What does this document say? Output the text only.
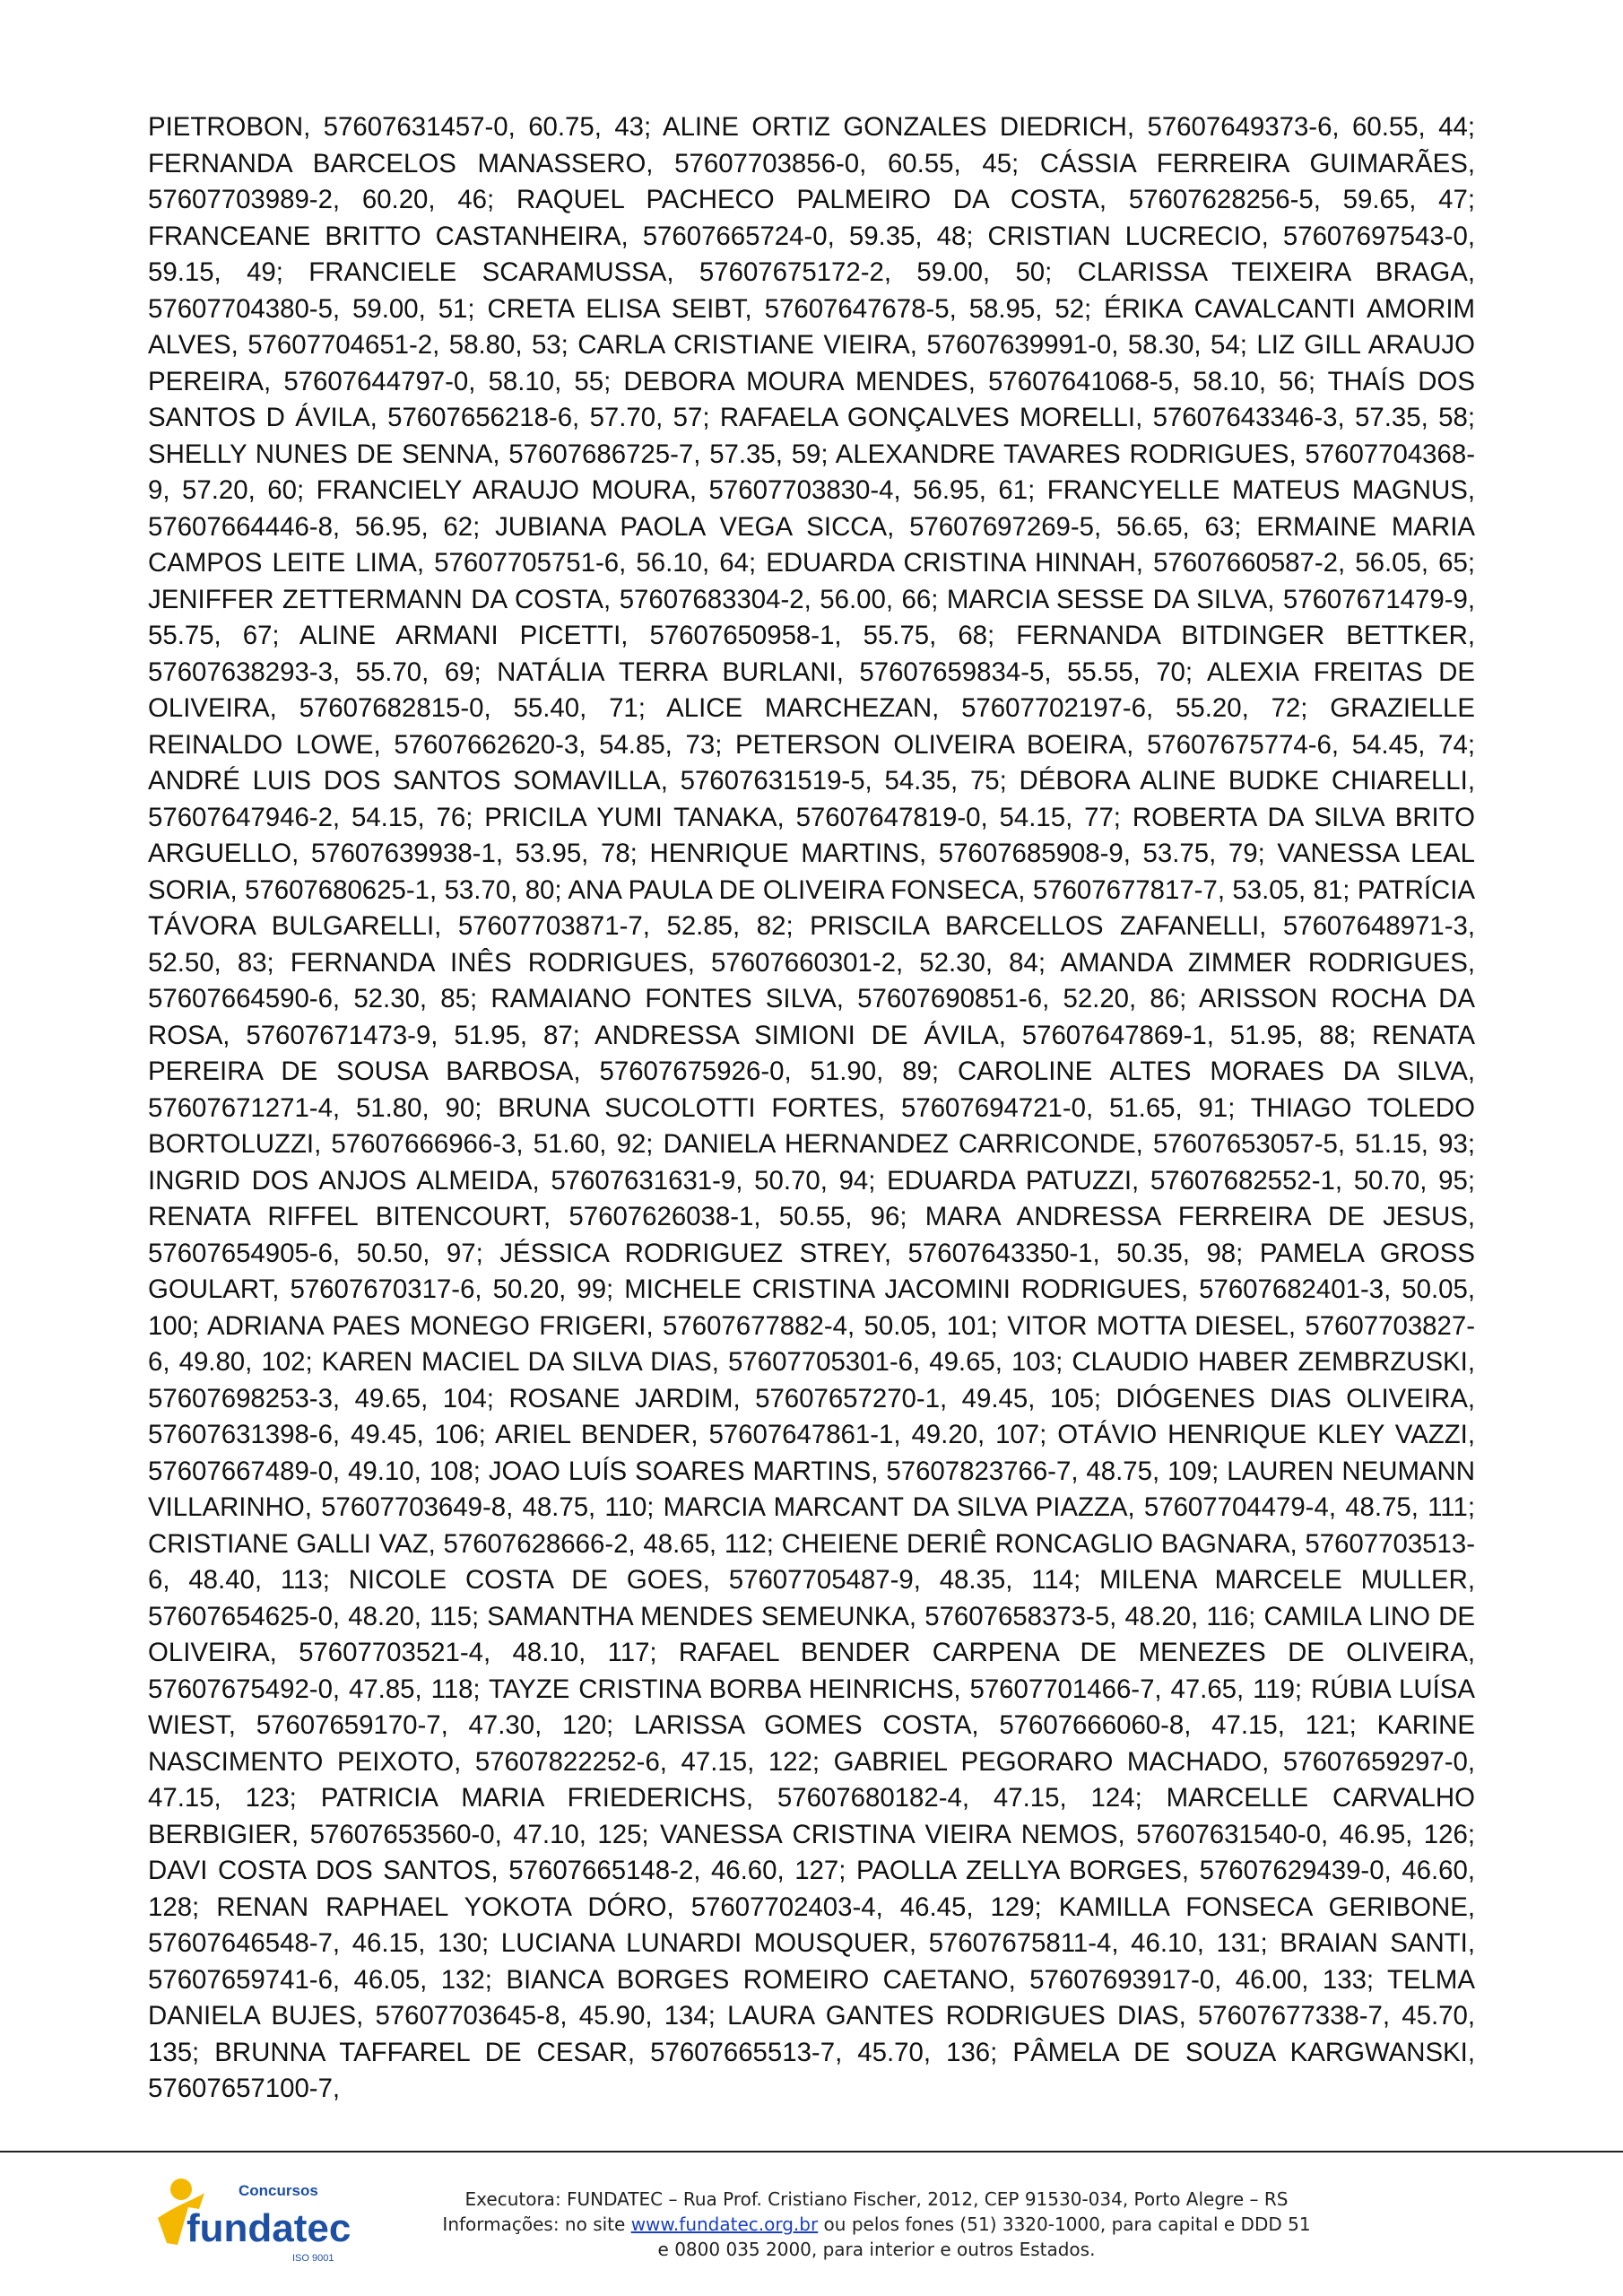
PIETROBON, 57607631457-0, 60.75, 43; ALINE ORTIZ GONZALES DIEDRICH, 57607649373-6, 60.55, 44; FERNANDA BARCELOS MANASSERO, 57607703856-0, 60.55, 45; CÁSSIA FERREIRA GUIMARÃES, 57607703989-2, 60.20, 46; RAQUEL PACHECO PALMEIRO DA COSTA, 57607628256-5, 59.65, 47; FRANCEANE BRITTO CASTANHEIRA, 57607665724-0, 59.35, 48; CRISTIAN LUCRECIO, 57607697543-0, 59.15, 49; FRANCIELE SCARAMUSSA, 57607675172-2, 59.00, 50; CLARISSA TEIXEIRA BRAGA, 57607704380-5, 59.00, 51; CRETA ELISA SEIBT, 57607647678-5, 58.95, 52; ÉRIKA CAVALCANTI AMORIM ALVES, 57607704651-2, 58.80, 53; CARLA CRISTIANE VIEIRA, 57607639991-0, 58.30, 54; LIZ GILL ARAUJO PEREIRA, 57607644797-0, 58.10, 55; DEBORA MOURA MENDES, 57607641068-5, 58.10, 56; THAÍS DOS SANTOS D ÁVILA, 57607656218-6, 57.70, 57; RAFAELA GONÇALVES MORELLI, 57607643346-3, 57.35, 58; SHELLY NUNES DE SENNA, 57607686725-7, 57.35, 59; ALEXANDRE TAVARES RODRIGUES, 57607704368-9, 57.20, 60; FRANCIELY ARAUJO MOURA, 57607703830-4, 56.95, 61; FRANCYELLE MATEUS MAGNUS, 57607664446-8, 56.95, 62; JUBIANA PAOLA VEGA SICCA, 57607697269-5, 56.65, 63; ERMAINE MARIA CAMPOS LEITE LIMA, 57607705751-6, 56.10, 64; EDUARDA CRISTINA HINNAH, 57607660587-2, 56.05, 65; JENIFFER ZETTERMANN DA COSTA, 57607683304-2, 56.00, 66; MARCIA SESSE DA SILVA, 57607671479-9, 55.75, 67; ALINE ARMANI PICETTI, 57607650958-1, 55.75, 68; FERNANDA BITDINGER BETTKER, 57607638293-3, 55.70, 69; NATÁLIA TERRA BURLANI, 57607659834-5, 55.55, 70; ALEXIA FREITAS DE OLIVEIRA, 57607682815-0, 55.40, 71; ALICE MARCHEZAN, 57607702197-6, 55.20, 72; GRAZIELLE REINALDO LOWE, 57607662620-3, 54.85, 73; PETERSON OLIVEIRA BOEIRA, 57607675774-6, 54.45, 74; ANDRÉ LUIS DOS SANTOS SOMAVILLA, 57607631519-5, 54.35, 75; DÉBORA ALINE BUDKE CHIARELLI, 57607647946-2, 54.15, 76; PRICILA YUMI TANAKA, 57607647819-0, 54.15, 77; ROBERTA DA SILVA BRITO ARGUELLO, 57607639938-1, 53.95, 78; HENRIQUE MARTINS, 57607685908-9, 53.75, 79; VANESSA LEAL SORIA, 57607680625-1, 53.70, 80; ANA PAULA DE OLIVEIRA FONSECA, 57607677817-7, 53.05, 81; PATRÍCIA TÁVORA BULGARELLI, 57607703871-7, 52.85, 82; PRISCILA BARCELLOS ZAFANELLI, 57607648971-3, 52.50, 83; FERNANDA INÊS RODRIGUES, 57607660301-2, 52.30, 84; AMANDA ZIMMER RODRIGUES, 57607664590-6, 52.30, 85; RAMAIANO FONTES SILVA, 57607690851-6, 52.20, 86; ARISSON ROCHA DA ROSA, 57607671473-9, 51.95, 87; ANDRESSA SIMIONI DE ÁVILA, 57607647869-1, 51.95, 88; RENATA PEREIRA DE SOUSA BARBOSA, 57607675926-0, 51.90, 89; CAROLINE ALTES MORAES DA SILVA, 57607671271-4, 51.80, 90; BRUNA SUCOLOTTI FORTES, 57607694721-0, 51.65, 91; THIAGO TOLEDO BORTOLUZZI, 57607666966-3, 51.60, 92; DANIELA HERNANDEZ CARRICONDE, 57607653057-5, 51.15, 93; INGRID DOS ANJOS ALMEIDA, 57607631631-9, 50.70, 94; EDUARDA PATUZZI, 57607682552-1, 50.70, 95; RENATA RIFFEL BITENCOURT, 57607626038-1, 50.55, 96; MARA ANDRESSA FERREIRA DE JESUS, 57607654905-6, 50.50, 97; JÉSSICA RODRIGUEZ STREY, 57607643350-1, 50.35, 98; PAMELA GROSS GOULART, 57607670317-6, 50.20, 99; MICHELE CRISTINA JACOMINI RODRIGUES, 57607682401-3, 50.05, 100; ADRIANA PAES MONEGO FRIGERI, 57607677882-4, 50.05, 101; VITOR MOTTA DIESEL, 57607703827-6, 49.80, 102; KAREN MACIEL DA SILVA DIAS, 57607705301-6, 49.65, 103; CLAUDIO HABER ZEMBRZUSKI, 57607698253-3, 49.65, 104; ROSANE JARDIM, 57607657270-1, 49.45, 105; DIÓGENES DIAS OLIVEIRA, 57607631398-6, 49.45, 106; ARIEL BENDER, 57607647861-1, 49.20, 107; OTÁVIO HENRIQUE KLEY VAZZI, 57607667489-0, 49.10, 108; JOAO LUÍS SOARES MARTINS, 57607823766-7, 48.75, 109; LAUREN NEUMANN VILLARINHO, 57607703649-8, 48.75, 110; MARCIA MARCANT DA SILVA PIAZZA, 57607704479-4, 48.75, 111; CRISTIANE GALLI VAZ, 57607628666-2, 48.65, 112; CHEIENE DERIÊ RONCAGLIO BAGNARA, 57607703513-6, 48.40, 113; NICOLE COSTA DE GOES, 57607705487-9, 48.35, 114; MILENA MARCELE MULLER, 57607654625-0, 48.20, 115; SAMANTHA MENDES SEMEUNKA, 57607658373-5, 48.20, 116; CAMILA LINO DE OLIVEIRA, 57607703521-4, 48.10, 117; RAFAEL BENDER CARPENA DE MENEZES DE OLIVEIRA, 57607675492-0, 47.85, 118; TAYZE CRISTINA BORBA HEINRICHS, 57607701466-7, 47.65, 119; RÚBIA LUÍSA WIEST, 57607659170-7, 47.30, 120; LARISSA GOMES COSTA, 57607666060-8, 47.15, 121; KARINE NASCIMENTO PEIXOTO, 57607822252-6, 47.15, 122; GABRIEL PEGORARO MACHADO, 57607659297-0, 47.15, 123; PATRICIA MARIA FRIEDERICHS, 57607680182-4, 47.15, 124; MARCELLE CARVALHO BERBIGIER, 57607653560-0, 47.10, 125; VANESSA CRISTINA VIEIRA NEMOS, 57607631540-0, 46.95, 126; DAVI COSTA DOS SANTOS, 57607665148-2, 46.60, 127; PAOLLA ZELLYA BORGES, 57607629439-0, 46.60, 128; RENAN RAPHAEL YOKOTA DÓRO, 57607702403-4, 46.45, 129; KAMILLA FONSECA GERIBONE, 57607646548-7, 46.15, 130; LUCIANA LUNARDI MOUSQUER, 57607675811-4, 46.10, 131; BRAIAN SANTI, 57607659741-6, 46.05, 132; BIANCA BORGES ROMEIRO CAETANO, 57607693917-0, 46.00, 133; TELMA DANIELA BUJES, 57607703645-8, 45.90, 134; LAURA GANTES RODRIGUES DIAS, 57607677338-7, 45.70, 135; BRUNNA TAFFAREL DE CESAR, 57607665513-7, 45.70, 136; PÂMELA DE SOUZA KARGWANSKI, 57607657100-7,

Concursos
fundatec
ISO 9001
Executora: FUNDATEC – Rua Prof. Cristiano Fischer, 2012, CEP 91530-034, Porto Alegre – RS
Informações: no site www.fundatec.org.br ou pelos fones (51) 3320-1000, para capital e DDD 51
e 0800 035 2000, para interior e outros Estados.
